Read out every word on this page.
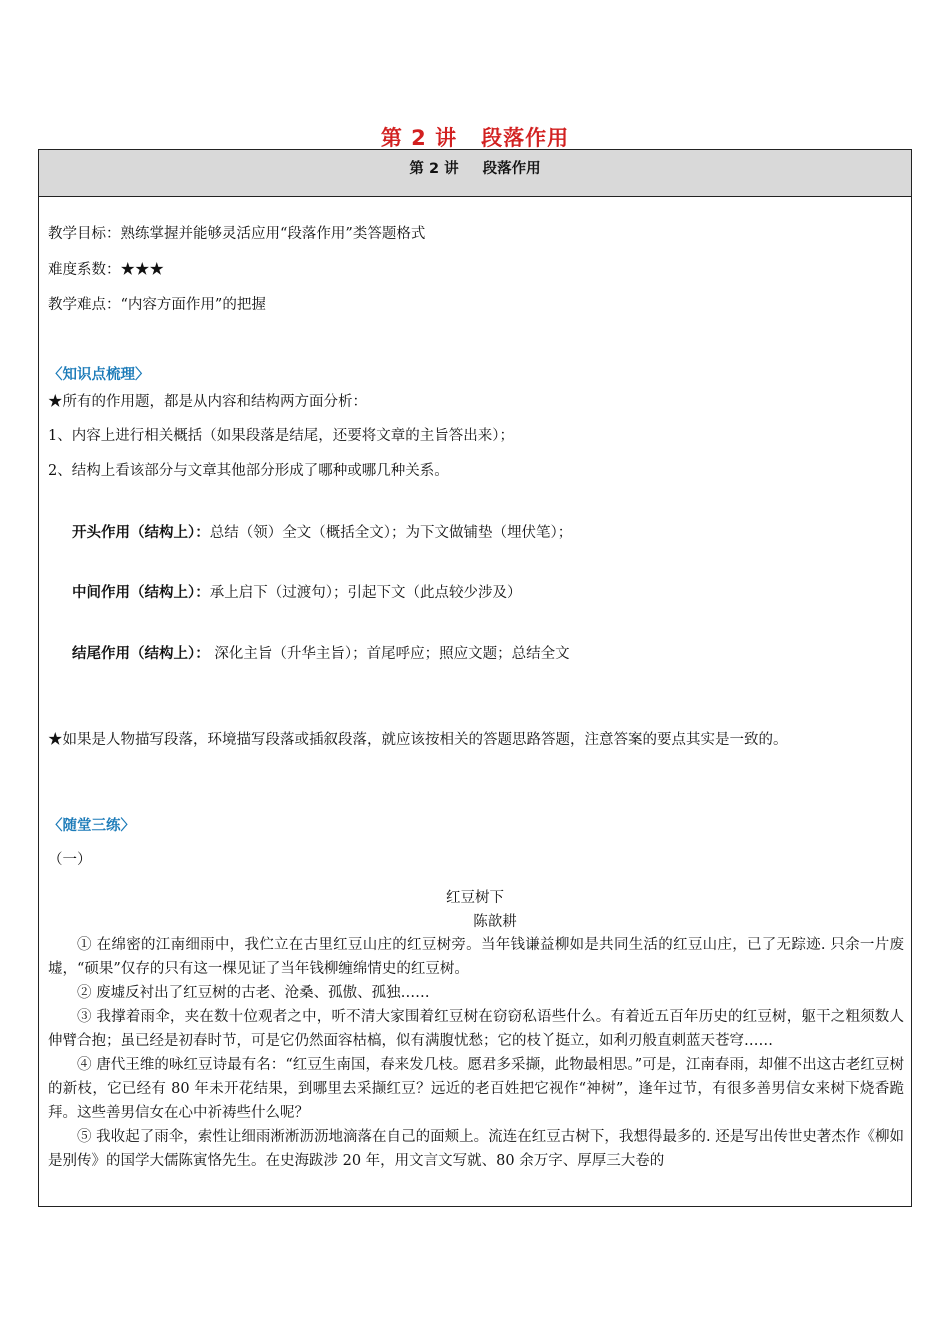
第 2 讲 段落作用
第 2 讲 段落作用
教学目标：熟练掌握并能够灵活应用“段落作用”类答题格式
难度系数：★★★
教学难点：“内容方面作用”的把握
〈知识点梳理〉
★所有的作用题，都是从内容和结构两方面分析：
1、内容上进行相关概括（如果段落是结尾，还要将文章的主旨答出来）；
2、结构上看该部分与文章其他部分形成了哪种或哪几种关系。
开头作用（结构上）：总结（领）全文（概括全文）；为下文做铺垫（埋伏笔）；
中间作用（结构上）：承上启下（过渡句）；引起下文（此点较少涉及）
结尾作用（结构上）： 深化主旨（升华主旨）；首尾呼应；照应文题；总结全文
★如果是人物描写段落，环境描写段落或插叙段落，就应该按相关的答题思路答题，注意答案的要点其实是一致的。
〈随堂三练〉
（一）
红豆树下
陈歆耕

① 在绵密的江南细雨中，我伫立在古里红豆山庄的红豆树旁。当年钱谦益柳如是共同生活的红豆山庄，已了无踪迹. 只余一片废墟，“硕果”仅存的只有这一棵见证了当年钱柳缠绵情史的红豆树。

② 废墟反衬出了红豆树的古老、沧桑、孤傲、孤独……

③ 我撑着雨伞，夹在数十位观者之中，听不清大家围着红豆树在窃窃私语些什么。有着近五百年历史的红豆树，躯干之粗须数人伸臂合抱；虽已经是初春时节，可是它仍然面容枯槁，似有满腹忧愁；它的枝丫挺立，如利刃般直刺蓝天苍穹……

④ 唐代王维的咏红豆诗最有名：“红豆生南国，春来发几枝。愿君多采撷，此物最相思。”可是，江南春雨，却催不出这古老红豆树的新枝，它已经有 80 年未开花结果，到哪里去采撷红豆？远近的老百姓把它视作“神树”，逢年过节，有很多善男信女来树下烧香跪拜。这些善男信女在心中祈祷些什么呢？

⑤ 我收起了雨伞，索性让细雨淅淅沥沥地滴落在自己的面颊上。流连在红豆古树下，我想得最多的. 还是写出传世史著杰作《柳如是别传》的国学大儒陈寅恪先生。在史海跋涉 20 年，用文言文写就、80 余万字、厚厚三大卷的
